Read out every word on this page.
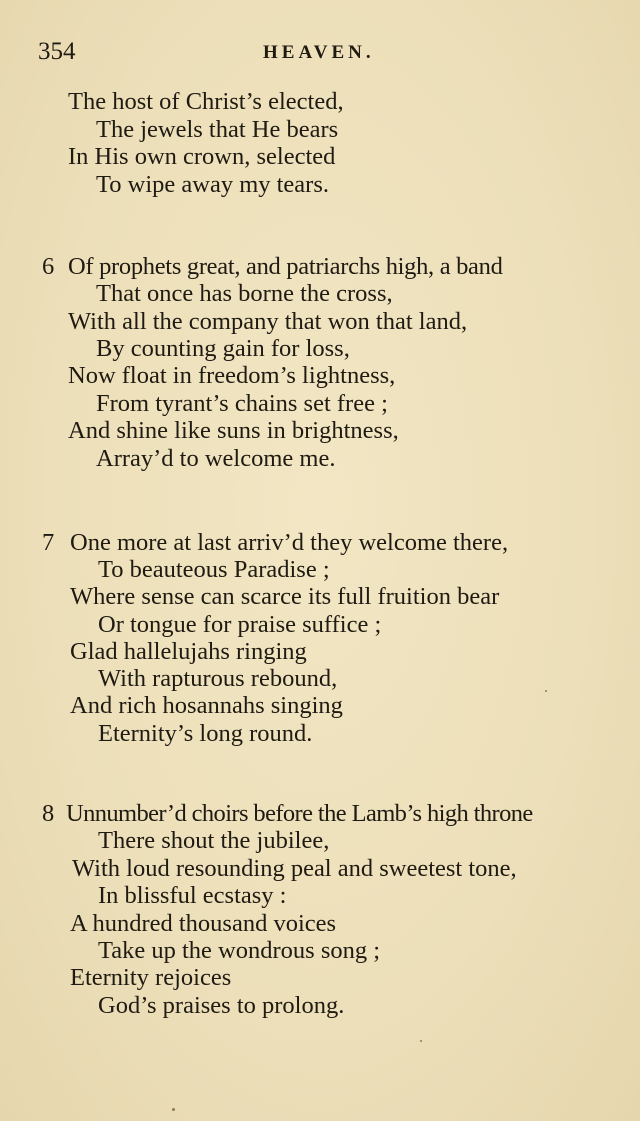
354	HEAVEN.
The host of Christ’s elected,
The jewels that He bears
In His own crown, selected
To wipe away my tears.
6 Of prophets great, and patriarchs high, a band
That once has borne the cross,
With all the company that won that land,
By counting gain for loss,
Now float in freedom’s lightness,
From tyrant’s chains set free ;
And shine like suns in brightness,
Array’d to welcome me.
7 One more at last arriv’d they welcome there,
To beauteous Paradise ;
Where sense can scarce its full fruition bear
Or tongue for praise suffice ;
Glad hallelujahs ringing
With rapturous rebound,
And rich hosannahs singing
Eternity’s long round.
8 Unnumber’d choirs before the Lamb’s high throne
There shout the jubilee,
With loud resounding peal and sweetest tone,
In blissful ecstasy :
A hundred thousand voices
Take up the wondrous song ;
Eternity rejoices
God’s praises to prolong.
